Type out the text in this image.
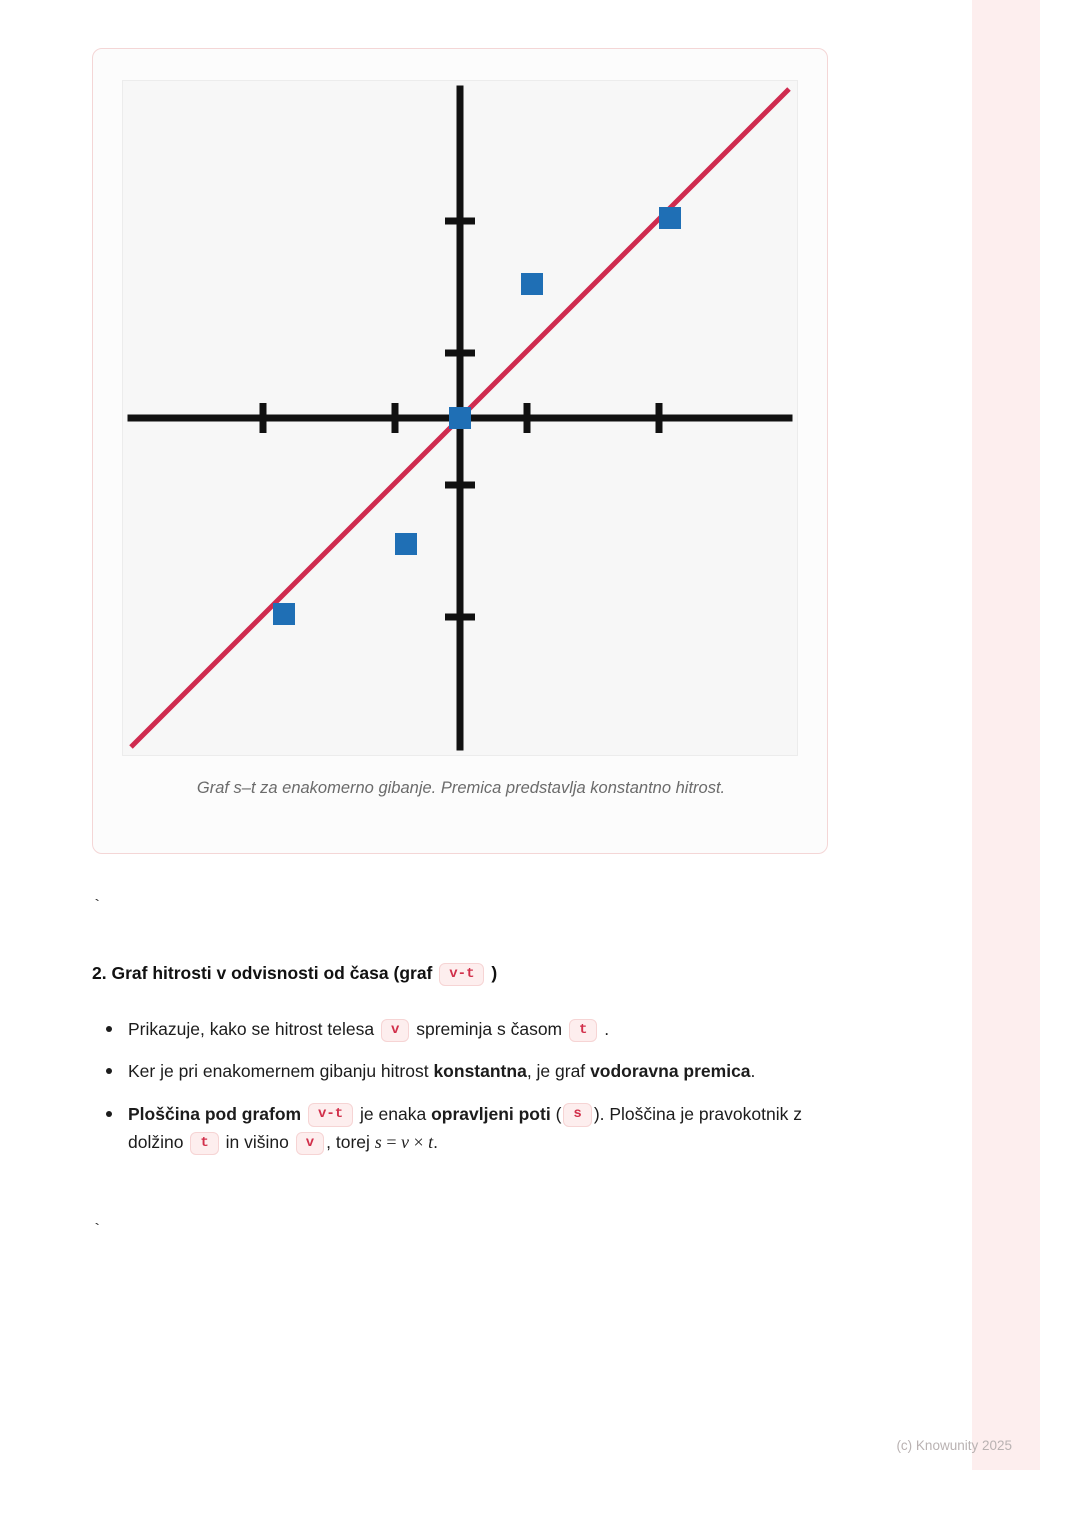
Graf s–t za enakomerno gibanje. Premica predstavlja konstantno hitrost.
`
2. Graf hitrosti v odvisnosti od časa (graf v-t )
Prikazuje, kako se hitrost telesa v spreminja s časom t .
Ker je pri enakomernem gibanju hitrost konstantna, je graf vodoravna premica.
Ploščina pod grafom v-t je enaka opravljeni poti ( s ). Ploščina je pravokotnik z dolžino t in višino v , torej s = v × t.
`
(c) Knowunity 2025
